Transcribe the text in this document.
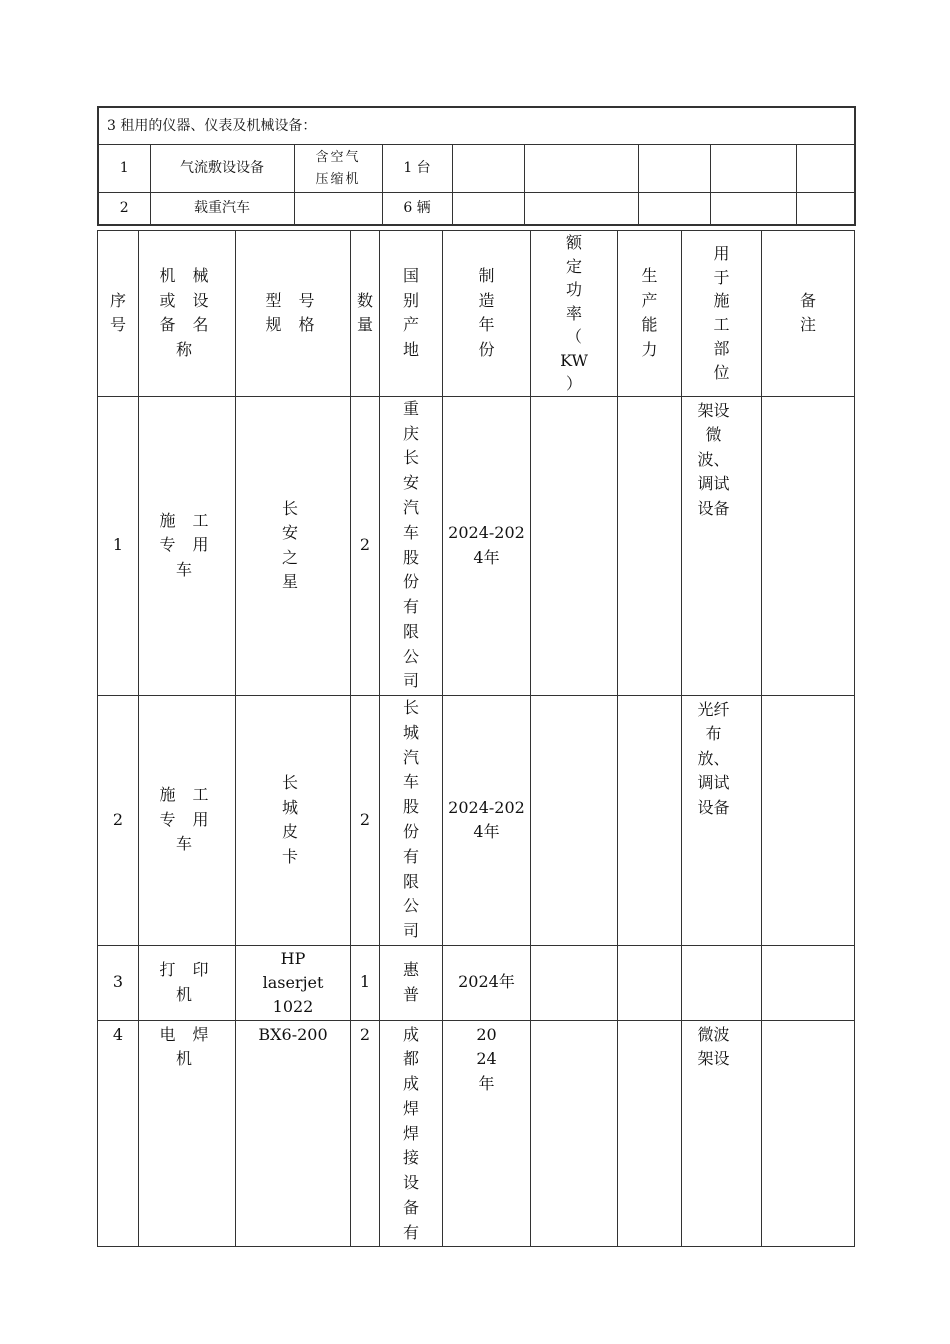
3 租用的仪器、仪表及机械设备：								
1	气流敷设设备	含空气压缩机	1 台					
2	载重汽车		6 辆					
序号	机 械 或 设 备 名 称	型 号 规 格	数量	国别产地	制造年份	额定功率（ KW ）	生产能力	用于施工部位	备注
1	施 工 专 用 车	长 安 之 星	2	重庆长安汽车股份有限公司	2024-2024年			架设微波、调试设备	
2	施 工 专 用 车	长 城 皮 卡	2	长城汽车股份有限公司	2024-2024年			光纤布放、调试设备	
3	打 印 机	HP laserjet 1022	1	惠普	2024年				
4	电 焊 机	BX6-200	2	成都成焊焊接设备有	2024年			微波架设	
